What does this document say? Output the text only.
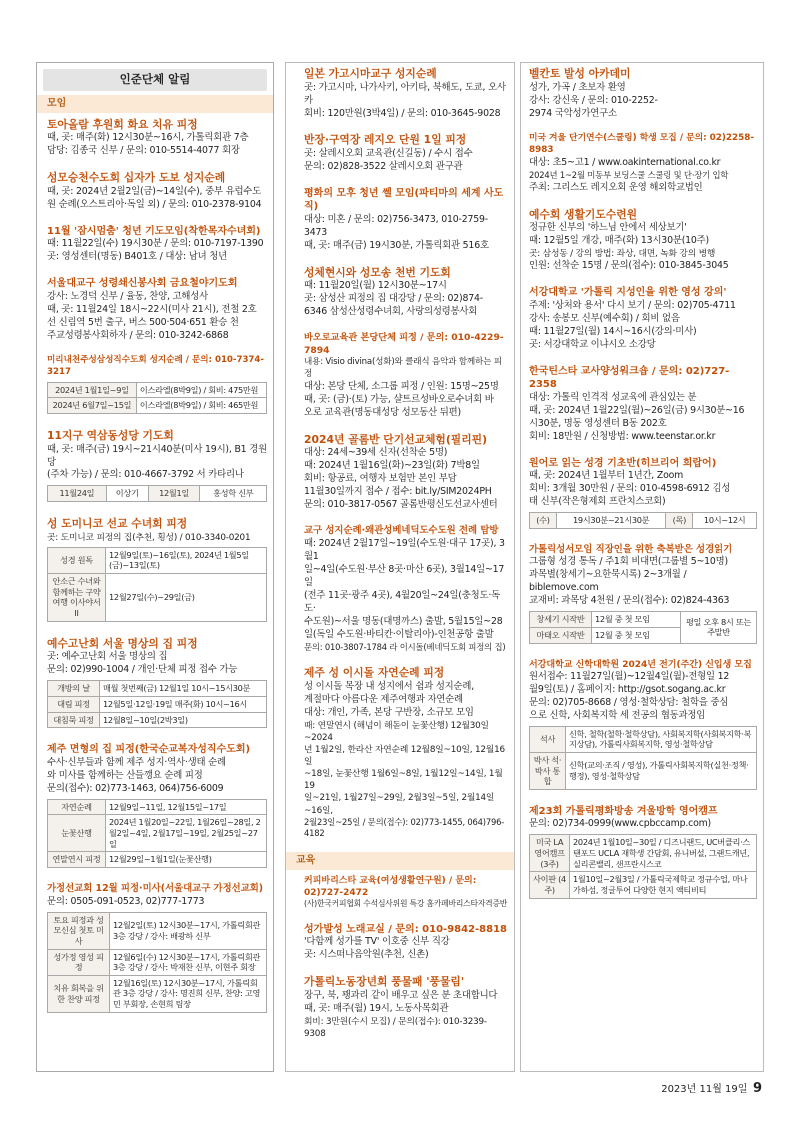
인준단체 알림
모임
토아올람 후원회 화요 치유 피정
때, 곳: 매주(화) 12시30분~16시, 가톨릭회관 7층
담당: 김종국 신부 / 문의: 010-5514-4077 회장
성모승천수도회 십자가 도보 성지순례
때, 곳: 2024년 2월2일(금)~14일(수), 중부 유럽수도
원 순례(오스트리아·독일 외) / 문의: 010-2378-9104
11월 '잠시멈춤' 청년 기도모임(착한목자수녀회)
때: 11월22일(수) 19시30분 / 문의: 010-7197-1390
곳: 영성센터(명동) B401호 / 대상: 남녀 청년
서울대교구 성령쇄신봉사회 금요철야기도회
강사: 노경덕 신부 / 율동, 찬양, 고해성사
때, 곳: 11월24일 18시~22시(미사 21시), 전철 2호
선 신림역 5번 출구, 버스 500·504·651 환승 천
주교성령봉사회하자 / 문의: 010-3242-6868
미리내천주성삼성직수도회 성지순례 / 문의: 010-7374-3217
2024년 1월1일~9일	이스라엘(8박9일) / 회비: 475만원
2024년 6월7일~15일	이스라엘(8박9일) / 회비: 465만원
11지구 역삼동성당 기도회
때, 곳: 매주(금) 19시~21시40분(미사 19시), B1 경원당
(주차 가능) / 문의: 010-4667-3792 서 카타리나
11월24일	이상기	12월1일	홍성학 신부
성 도미니코 선교 수녀회 피정
곳: 도미니코 피정의 집(추천, 횡성) / 010-3340-0201
성경 원독	12월9일(토)~16일(토), 2024년 1월5일(금)~13일(토)
안소근 수녀와 함께하는 구약여행 이사야서 II	12월27일(수)~29일(금)
예수고난회 서울 명상의 집 피정
곳: 예수고난회 서울 명상의 집
문의: 02)990-1004 / 개인·단체 피정 접수 가능
개방의 날	매월 첫번째(금) 12월1일 10시~15시30분
대림 피정	12월5일·12일·19일 매주(화) 10시~16시
대침묵 피정	12월8일~10일(2박3일)
제주 면형의 집 피정(한국순교복자성직수도회)
수사·신부들과 함께 제주 성지·역사·생태 순례
와 미사를 함께하는 산들깽요 순례 피정
문의(접수): 02)773-1463, 064)756-6009
자연순례	12월9일~11일, 12월15일~17일
눈꽃산행	2024년 1월20일~22일, 1월26일~28일, 2월2일~4일, 2월17일~19일, 2월25일~27일
연말연시 피정	12월29일~1월1일(눈꽃산행)
가정선교회 12월 피정·미사(서울대교구 가정선교회)
문의: 0505-091-0523, 02)777-1773
토요 피정과 성모신심 첫토 미사	12월2일(토) 12시30분~17시, 가톨릭회관 3층 강당 / 강사: 배광하 신부
성가정 영성 피정	12월6일(수) 12시30분~17시, 가톨릭회관 3층 강당 / 강사: 박재찬 신부, 이현주 회장
치유 회복을 위한 찬양 피정	12월16일(토) 12시30분~17시, 가톨릭회관 3층 강당 / 강사: 명진희 신부, 찬양: 고영민 부회장, 손현희 팀장
일본 가고시마교구 성지순례
곳: 가고시마, 나가사키, 아키타, 북해도, 도쿄, 오사카
회비: 120만원(3박4일) / 문의: 010-3645-9028
반장·구역장 레지오 단원 1일 피정
곳: 살레시오회 교육관(신길동) / 수시 접수
문의: 02)828-3522 살레시오회 관구관
평화의 모후 청년 쎌 모임(파티마의 세계 사도직)
대상: 미혼 / 문의: 02)756-3473, 010-2759-3473
때, 곳: 매주(금) 19시30분, 가톨릭회관 516호
성체현시와 성모송 천번 기도회
때: 11월20일(월) 12시30분~17시
곳: 삼성산 피정의 집 대강당 / 문의: 02)874-
6346 삼성산성령수녀회, 사랑의성령봉사회
바오로교육관 본당단체 피정 / 문의: 010-4229-7894
내용: Visio divina(성화)와 클래식 음악과 함께하는 피정
대상: 본당 단체, 소그룹 피정 / 인원: 15명~25명
때, 곳: (금)·(토) 가능, 샬트르성바오로수녀회 바
오로 교육관(명동대성당 성모동산 뒤편)
2024년 골롬반 단기선교체험(필리핀)
대상: 24세~39세 신자(선착순 5명)
때: 2024년 1월16일(화)~23일(화) 7박8일
회비: 항공료, 여행자 보험만 본인 부담
11월30일까지 접수 / 접수: bit.ly/SIM2024PH
문의: 010-3817-0567 골롬반평신도선교사센터
교구 성지순례·왜관성베네딕도수도원 전례 탐방
때: 2024년 2월17일~19일(수도원·대구 17곳), 3월1
일~4일(수도원·부산 8곳·마산 6곳), 3월14일~17일
(전주 11곳·광주 4곳), 4월20일~24일(충청도·독도·
수도원)~서울 명동(대명까스) 출발, 5월15일~28
일(독일 수도원·바티칸·이탈리아)-인천공항 출발
문의: 010-3807-1784 라 이시돌(베네딕도회 피정의 집)
제주 성 이시돌 자연순례 피정
성 이시돌 목장 내 성지에서 쉼과 성지순례,
계절마다 아름다운 제주여행과 자연순례
대상: 개인, 가족, 본당 구반장, 소규모 모임
때: 연말연시 (해넘이 해돋이 눈꽃산행) 12월30일~2024
년 1월2일, 한라산 자연순례 12월8일~10일, 12월16일
~18일, 눈꽃산행 1월6일~8일, 1월12일~14일, 1월19
일~21일, 1월27일~29일, 2월3일~5일, 2월14일~16일,
2월23일~25일 / 문의(접수): 02)773-1455, 064)796-4182
교육
커피바리스타 교육(여성생활연구원) / 문의: 02)727-2472
(사)한국커피협회 수석심사위원 특강 홈카페바리스타자격증반
성가발성 노래교실 / 문의: 010-9842-8818
'다함께 성가를 TV' 이호중 신부 직강
곳: 시스떠나음악원(추천, 신촌)
가톨릭노동장년회 풍물패 '풍물림'
장구, 북, 꽹과리 같이 배우고 싶은 분 초대합니다
때, 곳: 매주(월) 19시, 노동사목회관
회비: 3만원(수시 모집) / 문의(접수): 010-3239-9308
벨칸토 발성 아카데미
성가, 가곡 / 초보자 환영
강사: 강신욱 / 문의: 010-2252-
2974 국악성가연구소
미국 겨울 단기연수(스쿨링) 학생 모집 / 문의: 02)2258-8983
대상: 초5~고1 / www.oakinternational.co.kr
2024년 1~2월 미동부 보딩스쿨 스쿨링 및 단·장기 입학
주최: 그리스도 레지오회 운영 해외학교법인
예수회 생활기도수련원
정규한 신부의 '하느님 안에서 세상보기'
때: 12월5일 개강, 매주(화) 13시30분(10주)
곳: 삼성동 / 강의 방법: 좌상, 대면, 녹화 강의 병행
인원: 선착순 15명 / 문의(접수): 010-3845-3045
서강대학교 '가톨릭 지성인을 위한 영성 강의'
주제: '상처와 용서' 다시 보기 / 문의: 02)705-4711
강사: 송봉모 신부(예수회) / 회비 없음
때: 11월27일(월) 14시~16시(강의·미사)
곳: 서강대학교 이냐시오 소강당
한국틴스타 교사양성워크숍 / 문의: 02)727-2358
대상: 가톨릭 인격적 성교육에 관심있는 분
때, 곳: 2024년 1월22일(월)~26일(금) 9시30분~16
시30분, 명동 영성센터 B동 202호
회비: 18만원 / 신청방법: www.teenstar.or.kr
원어로 읽는 성경 기초반(히브리어 희랍어)
때, 곳: 2024년 1월부터 1년간, Zoom
회비: 3개월 30만원 / 문의: 010-4598-6912 김성
태 신부(작은형제회 프란치스코회)
(수)	19시30분~21시30분	(목)	10시~12시
가톨릭성서모임 직장인을 위한 축복받은 성경읽기
그룹형 성경 통독 / 주1회 비대면(그룹별 5~10명)
과목별(창세기~요한묵시록) 2~3개월 / biblemove.com
교재비: 과목당 4천원 / 문의(접수): 02)824-4363
창세기 시작반	12월 중 첫 모임	평일 오후 8시 또는 주말반
마태오 시작반	12월 중 첫 모임	
서강대학교 신학대학원 2024년 전기(주간) 신입생 모집
원서접수: 11월27일(월)~12월4일(월)-전형일 12
월9일(토) / 홈페이지: http://gsot.sogang.ac.kr
문의: 02)705-8668 / 영성·철학상담: 철학을 중심
으로 신학, 사회복지학 세 전공의 협동과정임
석사	신학, 철학(철학·철학상담), 사회복지학(사회복지학·복지상담), 가톨릭사회복지학, 영성·철학상담
박사 석·박사 통합	신학(교의·조직 / 영성), 가톨릭사회복지학(실천·정책·행정), 영성·철학상담
제23회 가톨릭평화방송 겨울방학 영어캠프
문의: 02)734-0999(www.cpbccamp.com)
미국 LA영어캠프 (3주)	2024년 1월10일~30일 / 디즈니랜드, UC버클리·스탠포드 UCLA 재학생 간담회, 유니버설, 그랜드캐년, 실리콘밸리, 샌프란시스코
사이판 (4주)	1월10일~2월3일 / 가톨릭국제학교 정규수업, 마나가하섬, 정글투어 다양한 현지 액티비티
2023년 11월 19일 9
